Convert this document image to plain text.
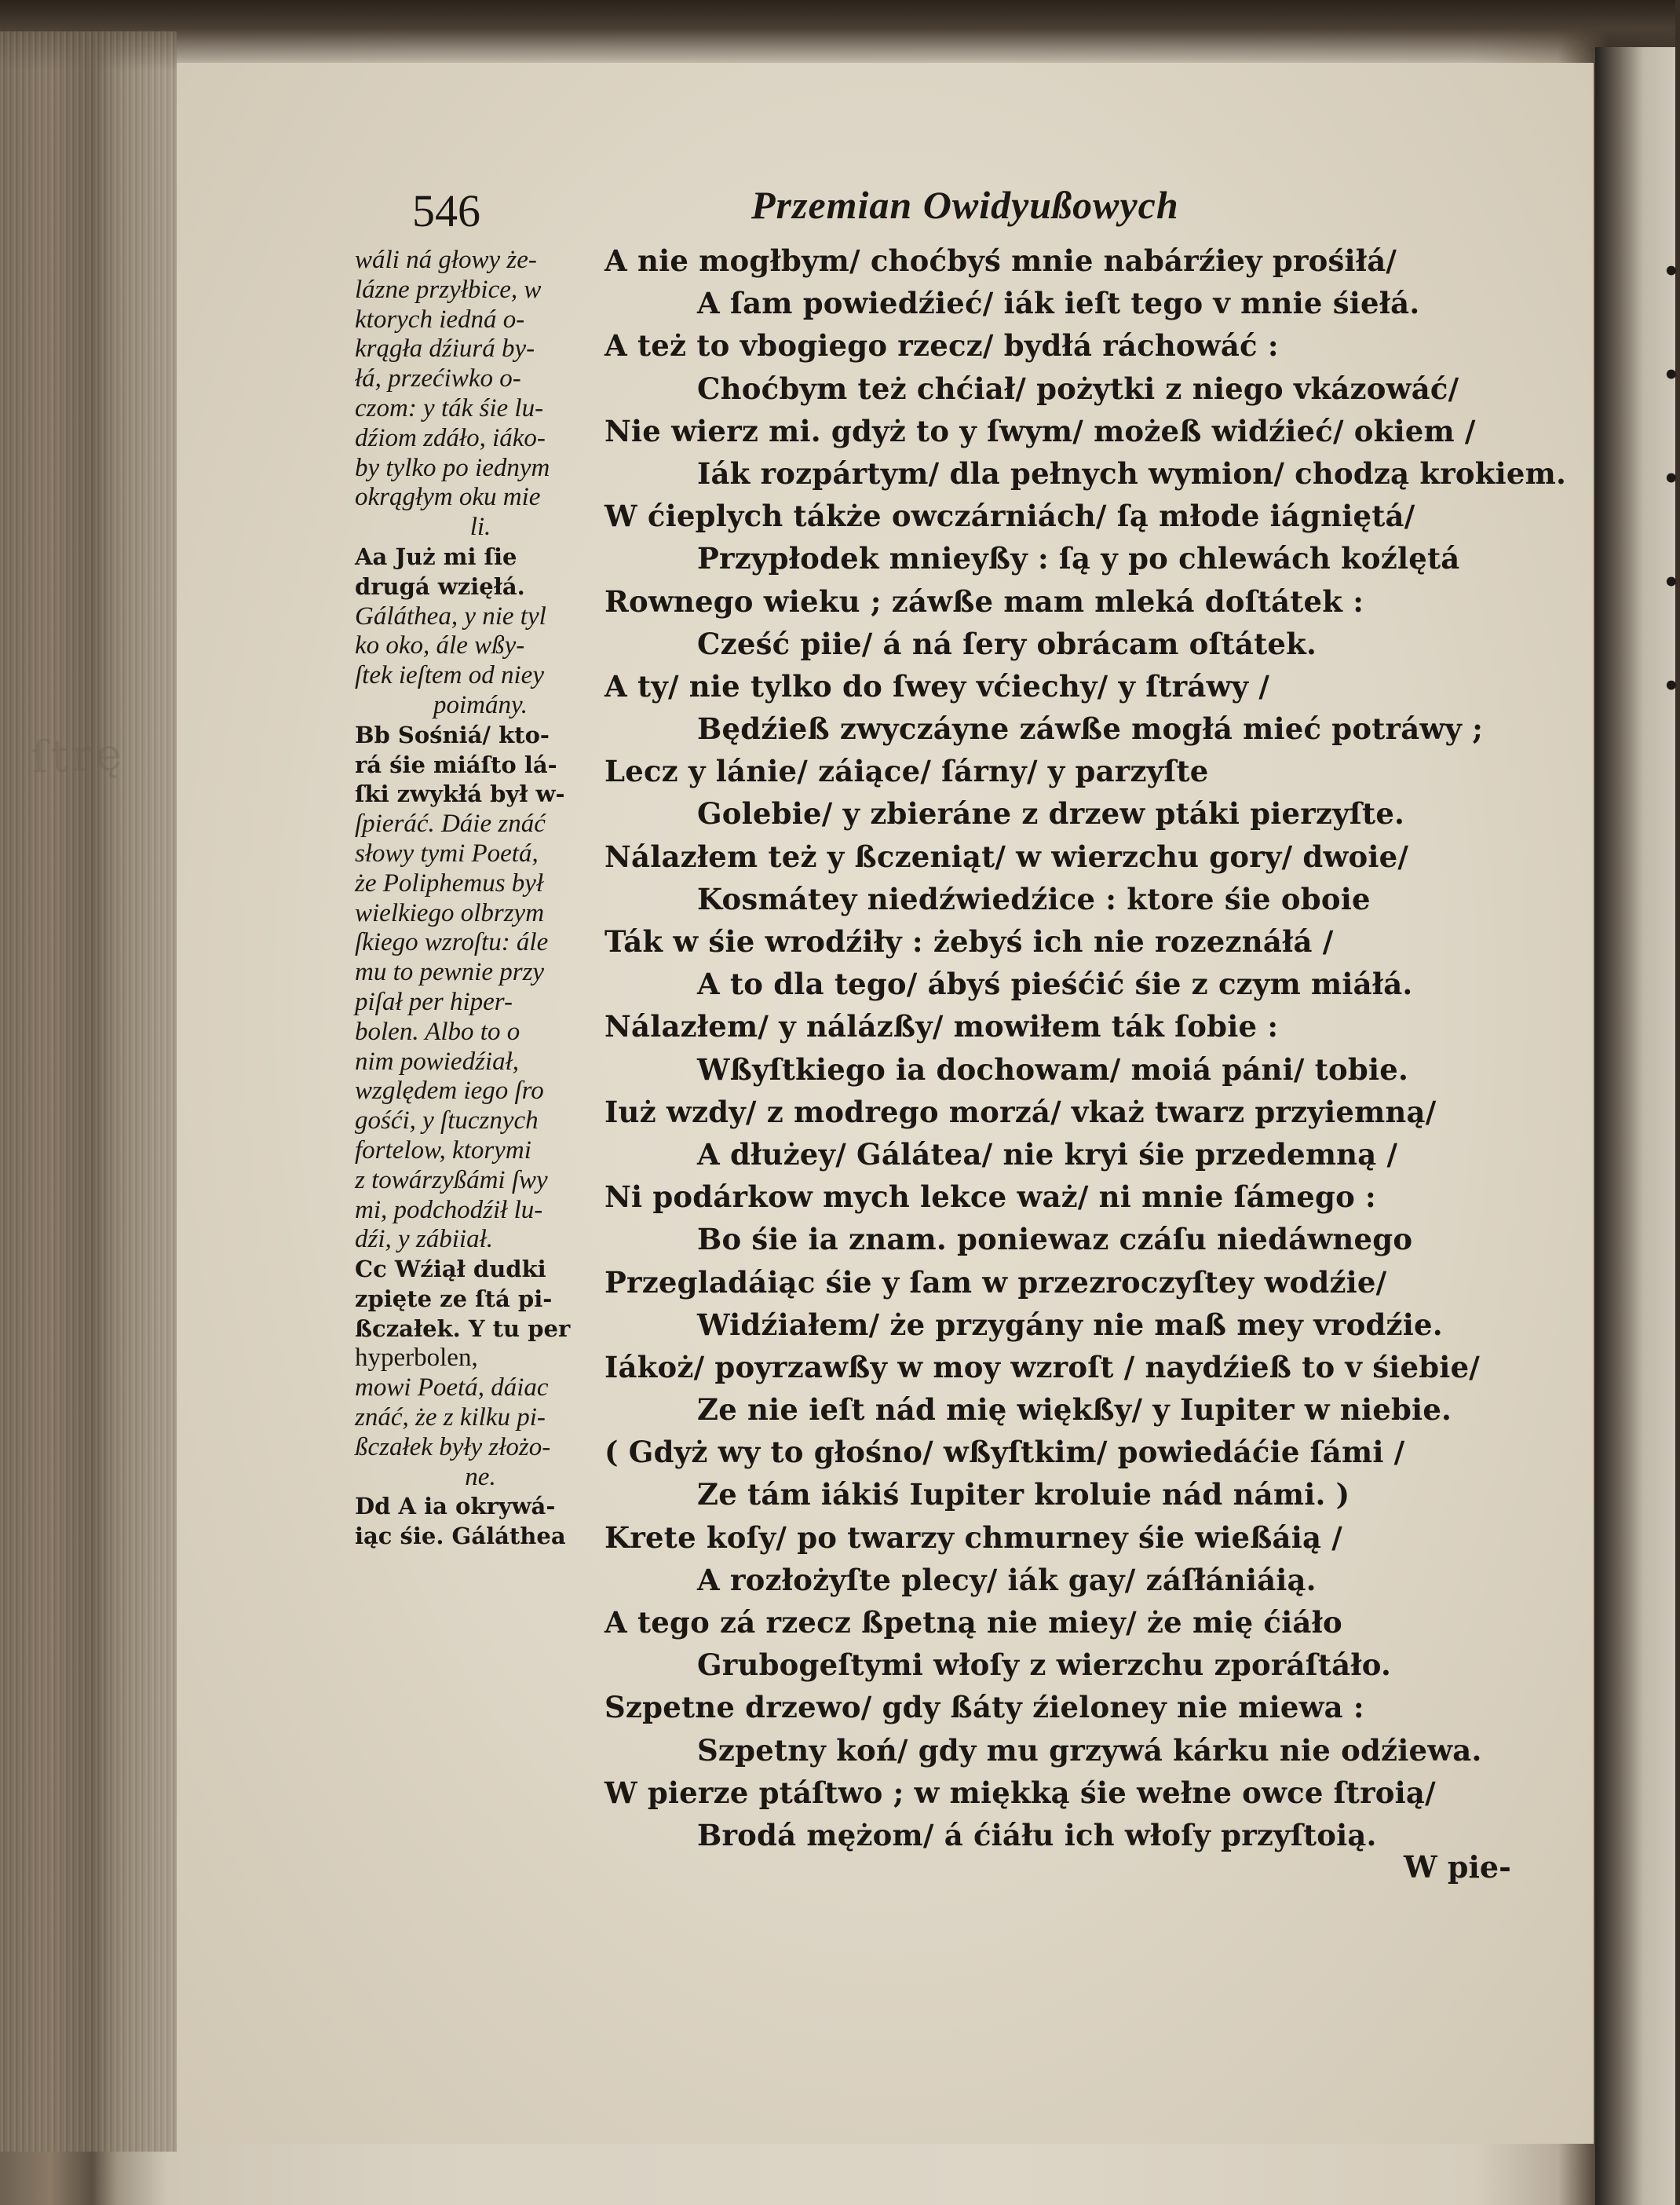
ſtrę
•
•
•
•
•
546	Przemian Owidyußowych
wáli ná głowy że-
lázne przyłbice, w
ktorych iedná o-
krągła dźiurá by-
łá, przećiwko o-
czom: y ták śie lu-
dźiom zdáło, iáko-
by tylko po iednym
okrągłym oku mie
li.
Aa Już mi ſie
drugá wzięłá.
Gáláthea, y nie tyl
ko oko, ále wßy-
ſtek ieſtem od niey
poimány.
Bb Sośniá/ kto-
rá śie miáſto lá-
ſki zwykłá był w-
ſpieráć. Dáie znáć
słowy tymi Poetá,
że Poliphemus był
wielkiego olbrzym
ſkiego wzroſtu: ále
mu to pewnie przy
piſał per hiper-
bolen. Albo to o
nim powiedźiał,
względem iego ſro
gośći, y ſtucznych
fortelow, ktorymi
z towárzyßámi ſwy
mi, podchodźił lu-
dźi, y zábiiał.
Cc Wźiął dudki
zpięte ze ſtá pi-
ßczałek. Y tu per
hyperbolen,
mowi Poetá, dáiac
znáć, że z kilku pi-
ßczałek były złożo-
ne.
Dd A ia okrywá-
iąc śie. Gáláthea
A nie mogłbym/ choćbyś mnie nabárźiey prośiłá/
A ſam powiedźieć/ iák ieſt tego v mnie śiełá.
A też to vbogiego rzecz/ bydłá ráchowáć :
Choćbym też chćiał/ pożytki z niego vkázowáć/
Nie wierz mi. gdyż to y ſwym/ możeß widźieć/ okiem /
Iák rozpártym/ dla pełnych wymion/ chodzą krokiem.
W ćieplych tákże owczárniách/ ſą młode iágniętá/
Przypłodek mnieyßy : ſą y po chlewách koźlętá
Rownego wieku ; záwße mam mleká doſtátek :
Cześć piie/ á ná ſery obrácam oſtátek.
A ty/ nie tylko do ſwey vćiechy/ y ſtráwy /
Będźieß zwyczáyne záwße mogłá mieć potráwy ;
Lecz y lánie/ záiące/ ſárny/ y parzyſte
Golebie/ y zbieráne z drzew ptáki pierzyſte.
Nálazłem też y ßczeniąt/ w wierzchu gory/ dwoie/
Kosmátey niedźwiedźice : ktore śie oboie
Ták w śie wrodźiły : żebyś ich nie rozeznáłá /
A to dla tego/ ábyś pieśćić śie z czym miáłá.
Nálazłem/ y nálázßy/ mowiłem ták ſobie :
Wßyſtkiego ia dochowam/ moiá páni/ tobie.
Iuż wzdy/ z modrego morzá/ vkaż twarz przyiemną/
A dłużey/ Gálátea/ nie kryi śie przedemną /
Ni podárkow mych lekce waż/ ni mnie ſámego :
Bo śie ia znam. poniewaz czáſu niedáwnego
Przegladáiąc śie y ſam w przezroczyſtey wodźie/
Widźiałem/ że przygány nie maß mey vrodźie.
Iákoż/ poyrzawßy w moy wzroſt / naydźieß to v śiebie/
Ze nie ieſt nád mię więkßy/ y Iupiter w niebie.
( Gdyż wy to głośno/ wßyſtkim/ powiedáćie ſámi /
Ze tám iákiś Iupiter kroluie nád námi. )
Krete koſy/ po twarzy chmurney śie wießáią /
A rozłożyſte plecy/ iák gay/ záſłániáią.
A tego zá rzecz ßpetną nie miey/ że mię ćiáło
Grubogeſtymi włoſy z wierzchu zporáſtáło.
Szpetne drzewo/ gdy ßáty źieloney nie miewa :
Szpetny koń/ gdy mu grzywá kárku nie odźiewa.
W pierze ptáſtwo ; w miękką śie wełne owce ſtroią/
Brodá mężom/ á ćiáłu ich włoſy przyſtoią.
W pie-
